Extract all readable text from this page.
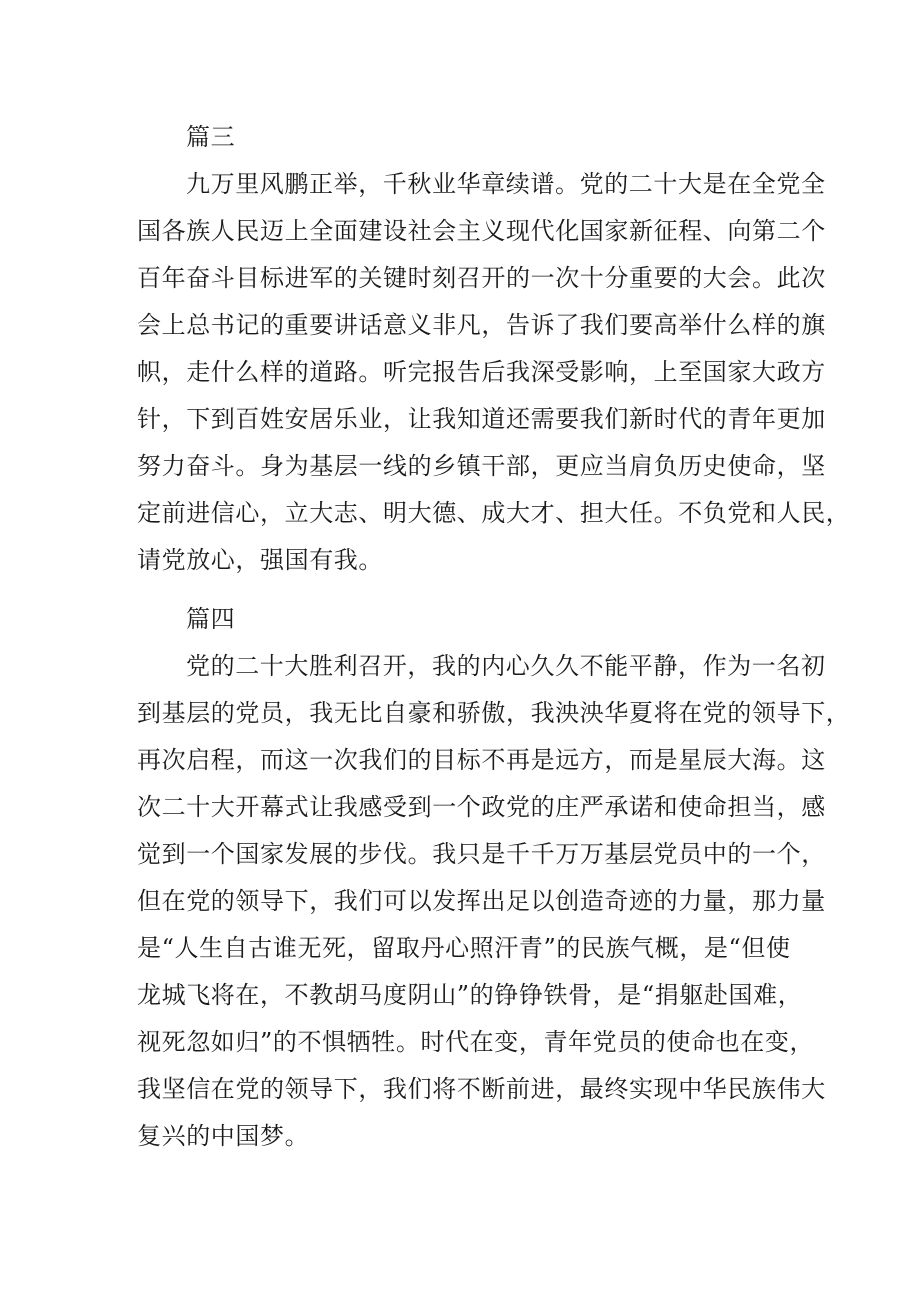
篇三
九万里风鹏正举，千秋业华章续谱。党的二十大是在全党全
国各族人民迈上全面建设社会主义现代化国家新征程、向第二个
百年奋斗目标进军的关键时刻召开的一次十分重要的大会。此次
会上总书记的重要讲话意义非凡，告诉了我们要高举什么样的旗
帜，走什么样的道路。听完报告后我深受影响，上至国家大政方
针，下到百姓安居乐业，让我知道还需要我们新时代的青年更加
努力奋斗。身为基层一线的乡镇干部，更应当肩负历史使命，坚
定前进信心，立大志、明大德、成大才、担大任。不负党和人民，
请党放心，强国有我。
篇四
党的二十大胜利召开，我的内心久久不能平静，作为一名初
到基层的党员，我无比自豪和骄傲，我泱泱华夏将在党的领导下，
再次启程，而这一次我们的目标不再是远方，而是星辰大海。这
次二十大开幕式让我感受到一个政党的庄严承诺和使命担当，感
觉到一个国家发展的步伐。我只是千千万万基层党员中的一个，
但在党的领导下，我们可以发挥出足以创造奇迹的力量，那力量
是“人生自古谁无死，留取丹心照汗青”的民族气概，是“但使
龙城飞将在，不教胡马度阴山”的铮铮铁骨，是“捐躯赴国难，
视死忽如归”的不惧牺牲。时代在变，青年党员的使命也在变，
我坚信在党的领导下，我们将不断前进，最终实现中华民族伟大
复兴的中国梦。
